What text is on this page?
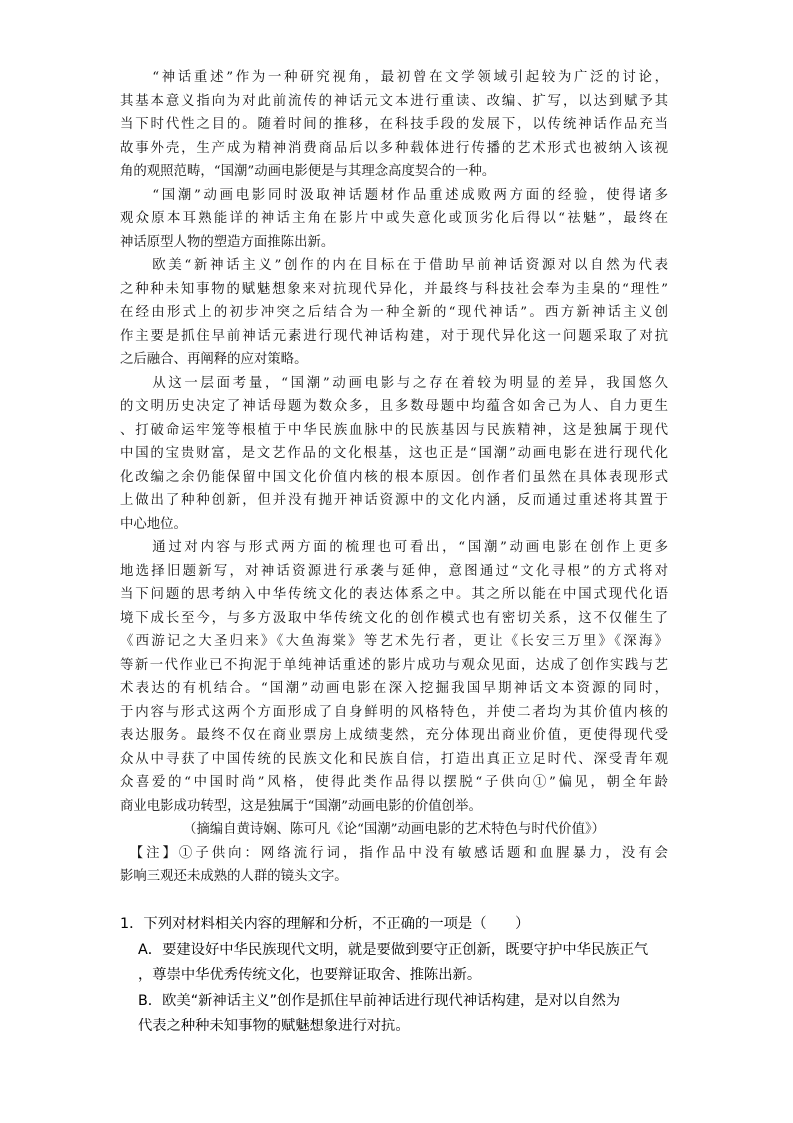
　　“神话重述”作为一种研究视角，最初曾在文学领域引起较为广泛的讨论，
其基本意义指向为对此前流传的神话元文本进行重读、改编、扩写，以达到赋予其
当下时代性之目的。随着时间的推移，在科技手段的发展下，以传统神话作品充当
故事外壳，生产成为精神消费商品后以多种载体进行传播的艺术形式也被纳入该视
角的观照范畴，“国潮”动画电影便是与其理念高度契合的一种。
　　“国潮”动画电影同时汲取神话题材作品重述成败两方面的经验，使得诸多
观众原本耳熟能详的神话主角在影片中或失意化或顶劣化后得以“祛魅”，最终在
神话原型人物的塑造方面推陈出新。
　　欧美“新神话主义”创作的内在目标在于借助早前神话资源对以自然为代表
之种种未知事物的赋魅想象来对抗现代异化，并最终与科技社会奉为圭臬的“理性”
在经由形式上的初步冲突之后结合为一种全新的“现代神话”。西方新神话主义创
作主要是抓住早前神话元素进行现代神话构建，对于现代异化这一问题采取了对抗
之后融合、再阐释的应对策略。
　　从这一层面考量，“国潮”动画电影与之存在着较为明显的差异，我国悠久
的文明历史决定了神话母题为数众多，且多数母题中均蕴含如舍己为人、自力更生
、打破命运牢笼等根植于中华民族血脉中的民族基因与民族精神，这是独属于现代
中国的宝贵财富，是文艺作品的文化根基，这也正是“国潮”动画电影在进行现代化
化改编之余仍能保留中国文化价值内核的根本原因。创作者们虽然在具体表现形式
上做出了种种创新，但并没有抛开神话资源中的文化内涵，反而通过重述将其置于
中心地位。
　　通过对内容与形式两方面的梳理也可看出，“国潮”动画电影在创作上更多
地选择旧题新写，对神话资源进行承袭与延伸，意图通过“文化寻根”的方式将对
当下问题的思考纳入中华传统文化的表达体系之中。其之所以能在中国式现代化语
境下成长至今，与多方汲取中华传统文化的创作模式也有密切关系，这不仅催生了
《西游记之大圣归来》《大鱼海棠》等艺术先行者，更让《长安三万里》《深海》
等新一代作业已不拘泥于单纯神话重述的影片成功与观众见面，达成了创作实践与艺
术表达的有机结合。“国潮”动画电影在深入挖掘我国早期神话文本资源的同时，
于内容与形式这两个方面形成了自身鲜明的风格特色，并使二者均为其价值内核的
表达服务。最终不仅在商业票房上成绩斐然，充分体现出商业价值，更使得现代受
众从中寻获了中国传统的民族文化和民族自信，打造出真正立足时代、深受青年观
众喜爱的“中国时尚”风格，使得此类作品得以摆脱“子供向①”偏见，朝全年龄
商业电影成功转型，这是独属于“国潮”动画电影的价值创举。
（摘编自黄诗娴、陈可凡《论“国潮”动画电影的艺术特色与时代价值》）
　【注】①子供向：网络流行词，指作品中没有敏感话题和血腥暴力，没有会
影响三观还未成熟的人群的镜头文字。
1．下列对材料相关内容的理解和分析，不正确的一项是（　　）
A．要建设好中华民族现代文明，就是要做到要守正创新，既要守护中华民族正气
，尊崇中华优秀传统文化，也要辩证取舍、推陈出新。
B．欧美“新神话主义”创作是抓住早前神话进行现代神话构建，是对以自然为
代表之种种未知事物的赋魅想象进行对抗。
